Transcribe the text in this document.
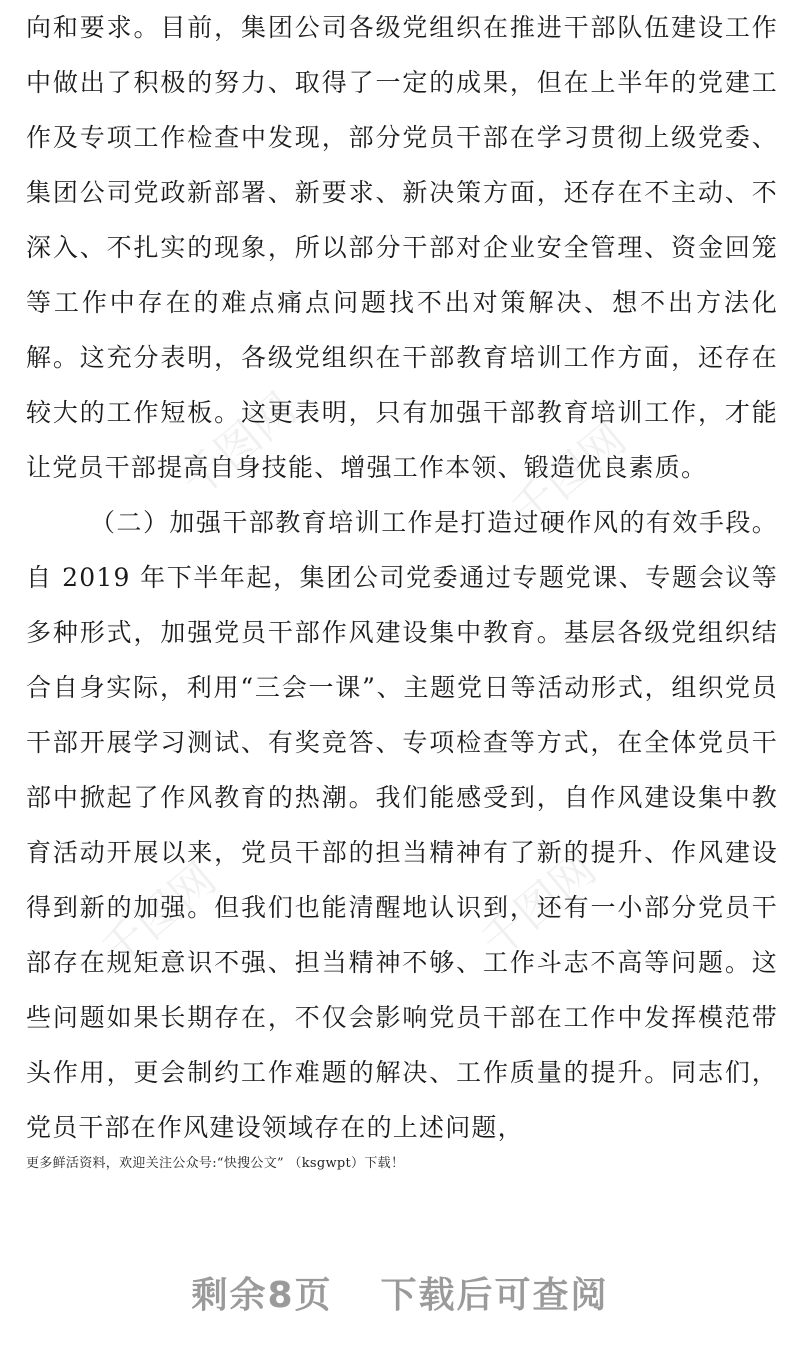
千图网	千图网
千图网	千图网

向和要求。目前，集团公司各级党组织在推进干部队伍建设工作中做出了积极的努力、取得了一定的成果，但在上半年的党建工作及专项工作检查中发现，部分党员干部在学习贯彻上级党委、集团公司党政新部署、新要求、新决策方面，还存在不主动、不深入、不扎实的现象，所以部分干部对企业安全管理、资金回笼等工作中存在的难点痛点问题找不出对策解决、想不出方法化解。这充分表明，各级党组织在干部教育培训工作方面，还存在较大的工作短板。这更表明，只有加强干部教育培训工作，才能让党员干部提高自身技能、增强工作本领、锻造优良素质。

（二）加强干部教育培训工作是打造过硬作风的有效手段。自 2019 年下半年起，集团公司党委通过专题党课、专题会议等多种形式，加强党员干部作风建设集中教育。基层各级党组织结合自身实际，利用“三会一课”、主题党日等活动形式，组织党员干部开展学习测试、有奖竞答、专项检查等方式，在全体党员干部中掀起了作风教育的热潮。我们能感受到，自作风建设集中教育活动开展以来，党员干部的担当精神有了新的提升、作风建设得到新的加强。但我们也能清醒地认识到，还有一小部分党员干部存在规矩意识不强、担当精神不够、工作斗志不高等问题。这些问题如果长期存在，不仅会影响党员干部在工作中发挥模范带头作用，更会制约工作难题的解决、工作质量的提升。同志们，党员干部在作风建设领域存在的上述问题，

更多鲜活资料，欢迎关注公众号:“快搜公文” （ksgwpt）下载！
剩余8页 下载后可查阅
